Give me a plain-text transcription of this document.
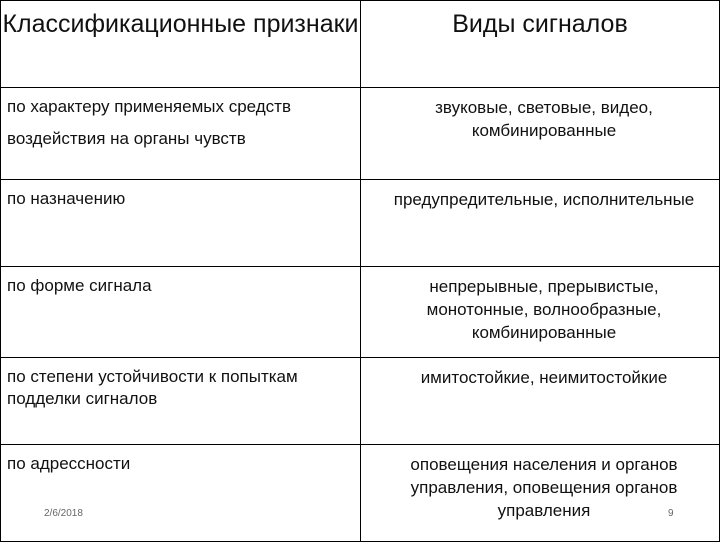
Классификационные признаки	Виды сигналов
по характеру применяемых средств
воздействия на органы чувств	звуковые, световые, видео, комбинированные
по назначению	предупредительные, исполнительные
по форме сигнала	непрерывные, прерывистые, монотонные, волнообразные, комбинированные
по степени устойчивости к попыткам подделки сигналов	имитостойкие, неимитостойкие
по адрессности	оповещения населения и органов управления, оповещения органов управления
2/6/2018	9
